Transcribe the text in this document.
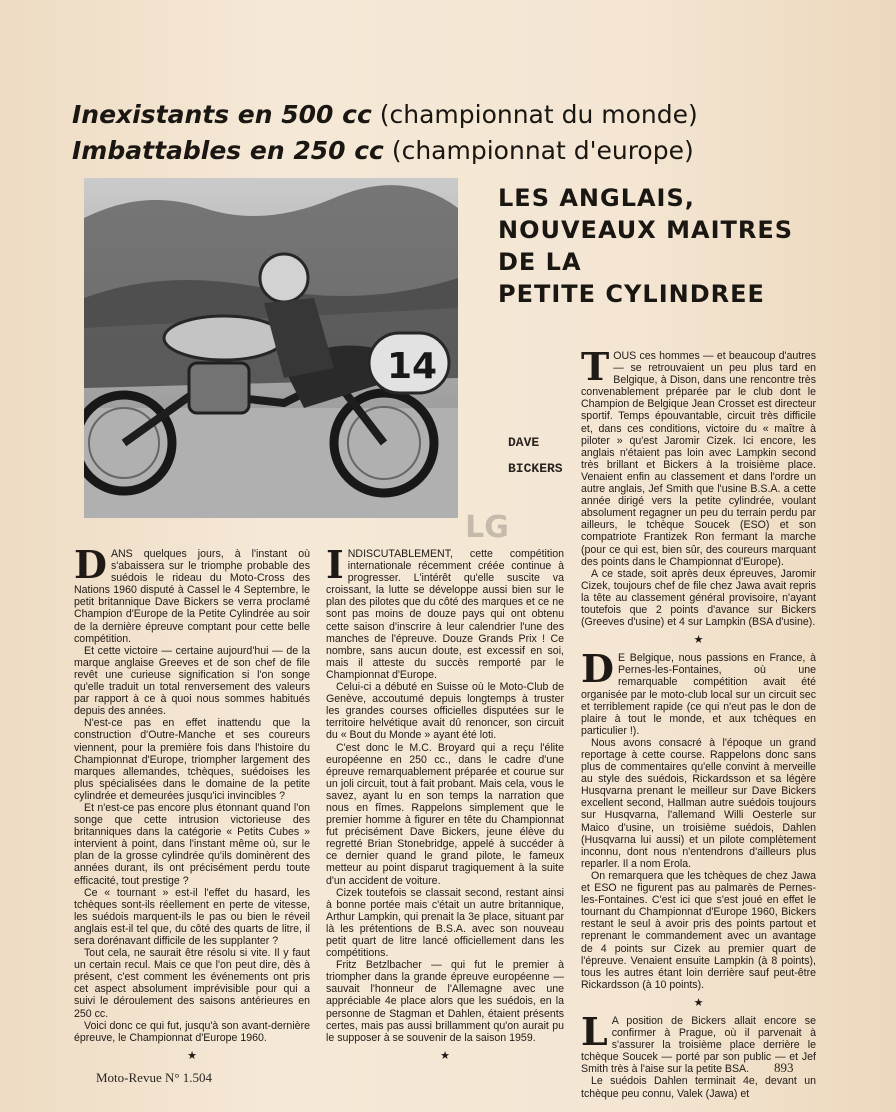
Inexistants en 500 cc (championnat du monde)
Imbattables en 250 cc (championnat d'europe)
LES ANGLAIS,
NOUVEAUX MAITRES
DE LA
PETITE CYLINDREE
14
DAVE
BICKERS
LG

DANS quelques jours, à l'instant où s'abaissera sur le triomphe probable des suédois le rideau du Moto-Cross des Nations 1960 disputé à Cassel le 4 Septembre, le petit britannique Dave Bickers se verra proclamé Champion d'Europe de la Petite Cylindrée au soir de la dernière épreuve comptant pour cette belle compétition.

Et cette victoire — certaine aujourd'hui — de la marque anglaise Greeves et de son chef de file revêt une curieuse signification si l'on songe qu'elle traduit un total renversement des valeurs par rapport à ce à quoi nous sommes habitués depuis des années.

N'est-ce pas en effet inattendu que la construction d'Outre-Manche et ses coureurs viennent, pour la première fois dans l'histoire du Championnat d'Europe, triompher largement des marques allemandes, tchèques, suédoises les plus spécialisées dans le domaine de la petite cylindrée et demeurées jusqu'ici invincibles ?

Et n'est-ce pas encore plus étonnant quand l'on songe que cette intrusion victorieuse des britanniques dans la catégorie « Petits Cubes » intervient à point, dans l'instant même où, sur le plan de la grosse cylindrée qu'ils dominèrent des années durant, ils ont précisément perdu toute efficacité, tout prestige ?

Ce « tournant » est-il l'effet du hasard, les tchèques sont-ils réellement en perte de vitesse, les suédois marquent-ils le pas ou bien le réveil anglais est-il tel que, du côté des quarts de litre, il sera dorénavant difficile de les supplanter ?

Tout cela, ne saurait être résolu si vite. Il y faut un certain recul. Mais ce que l'on peut dire, dès à présent, c'est comment les événements ont pris cet aspect absolument imprévisible pour qui a suivi le déroulement des saisons antérieures en 250 cc.

Voici donc ce qui fut, jusqu'à son avant-dernière épreuve, le Championnat d'Europe 1960.

★

INDISCUTABLEMENT, cette compétition internationale récemment créée continue à progresser. L'intérêt qu'elle suscite va croissant, la lutte se développe aussi bien sur le plan des pilotes que du côté des marques et ce ne sont pas moins de douze pays qui ont obtenu cette saison d'inscrire à leur calendrier l'une des manches de l'épreuve. Douze Grands Prix ! Ce nombre, sans aucun doute, est excessif en soi, mais il atteste du succès remporté par le Championnat d'Europe.

Celui-ci a débuté en Suisse où le Moto-Club de Genève, accoutumé depuis longtemps à truster les grandes courses officielles disputées sur le territoire helvétique avait dû renoncer, son circuit du « Bout du Monde » ayant été loti.

C'est donc le M.C. Broyard qui a reçu l'élite européenne en 250 cc., dans le cadre d'une épreuve remarquablement préparée et courue sur un joli circuit, tout à fait probant. Mais cela, vous le savez, ayant lu en son temps la narration que nous en fîmes. Rappelons simplement que le premier homme à figurer en tête du Championnat fut précisément Dave Bickers, jeune élève du regretté Brian Stonebridge, appelé à succéder à ce dernier quand le grand pilote, le fameux metteur au point disparut tragiquement à la suite d'un accident de voiture.

Cizek toutefois se classait second, restant ainsi à bonne portée mais c'était un autre britannique, Arthur Lampkin, qui prenait la 3e place, situant par là les prétentions de B.S.A. avec son nouveau petit quart de litre lancé officiellement dans les compétitions.

Fritz Betzlbacher — qui fut le premier à triompher dans la grande épreuve européenne — sauvait l'honneur de l'Allemagne avec une appréciable 4e place alors que les suédois, en la personne de Stagman et Dahlen, étaient présents certes, mais pas aussi brillamment qu'on aurait pu le supposer à se souvenir de la saison 1959.

★

TOUS ces hommes — et beaucoup d'autres — se retrouvaient un peu plus tard en Belgique, à Dison, dans une rencontre très convenablement préparée par le club dont le Champion de Belgique Jean Crosset est directeur sportif. Temps épouvantable, circuit très difficile et, dans ces conditions, victoire du « maître à piloter » qu'est Jaromir Cizek. Ici encore, les anglais n'étaient pas loin avec Lampkin second très brillant et Bickers à la troisième place. Venaient enfin au classement et dans l'ordre un autre anglais, Jef Smith que l'usine B.S.A. a cette année dirigé vers la petite cylindrée, voulant absolument regagner un peu du terrain perdu par ailleurs, le tchèque Soucek (ESO) et son compatriote Frantizek Ron fermant la marche (pour ce qui est, bien sûr, des coureurs marquant des points dans le Championnat d'Europe).

A ce stade, soit après deux épreuves, Jaromir Cizek, toujours chef de file chez Jawa avait repris la tête au classement général provisoire, n'ayant toutefois que 2 points d'avance sur Bickers (Greeves d'usine) et 4 sur Lampkin (BSA d'usine).

★

D E Belgique, nous passions en France, à Pernes-les-Fontaines, où une remarquable compétition avait été organisée par le moto-club local sur un circuit sec et terriblement rapide (ce qui n'eut pas le don de plaire à tout le monde, et aux tchèques en particulier !).

Nous avons consacré à l'époque un grand reportage à cette course. Rappelons donc sans plus de commentaires qu'elle convint à merveille au style des suédois, Rickardsson et sa légère Husqvarna prenant le meilleur sur Dave Bickers excellent second, Hallman autre suédois toujours sur Husqvarna, l'allemand Willi Oesterle sur Maico d'usine, un troisième suédois, Dahlen (Husqvarna lui aussi) et un pilote complètement inconnu, dont nous n'entendrons d'ailleurs plus reparler. Il a nom Erola.

On remarquera que les tchèques de chez Jawa et ESO ne figurent pas au palmarès de Pernes-les-Fontaines. C'est ici que s'est joué en effet le tournant du Championnat d'Europe 1960, Bickers restant le seul à avoir pris des points partout et reprenant le commandement avec un avantage de 4 points sur Cizek au premier quart de l'épreuve. Venaient ensuite Lampkin (à 8 points), tous les autres étant loin derrière sauf peut-être Rickardsson (à 10 points).

★

L A position de Bickers allait encore se confirmer à Prague, où il parvenait à s'assurer la troisième place derrière le tchèque Soucek — porté par son public — et Jef Smith très à l'aise sur la petite BSA.

Le suédois Dahlen terminait 4e, devant un tchèque peu connu, Valek (Jawa) et

Moto-Revue N° 1.504
893
